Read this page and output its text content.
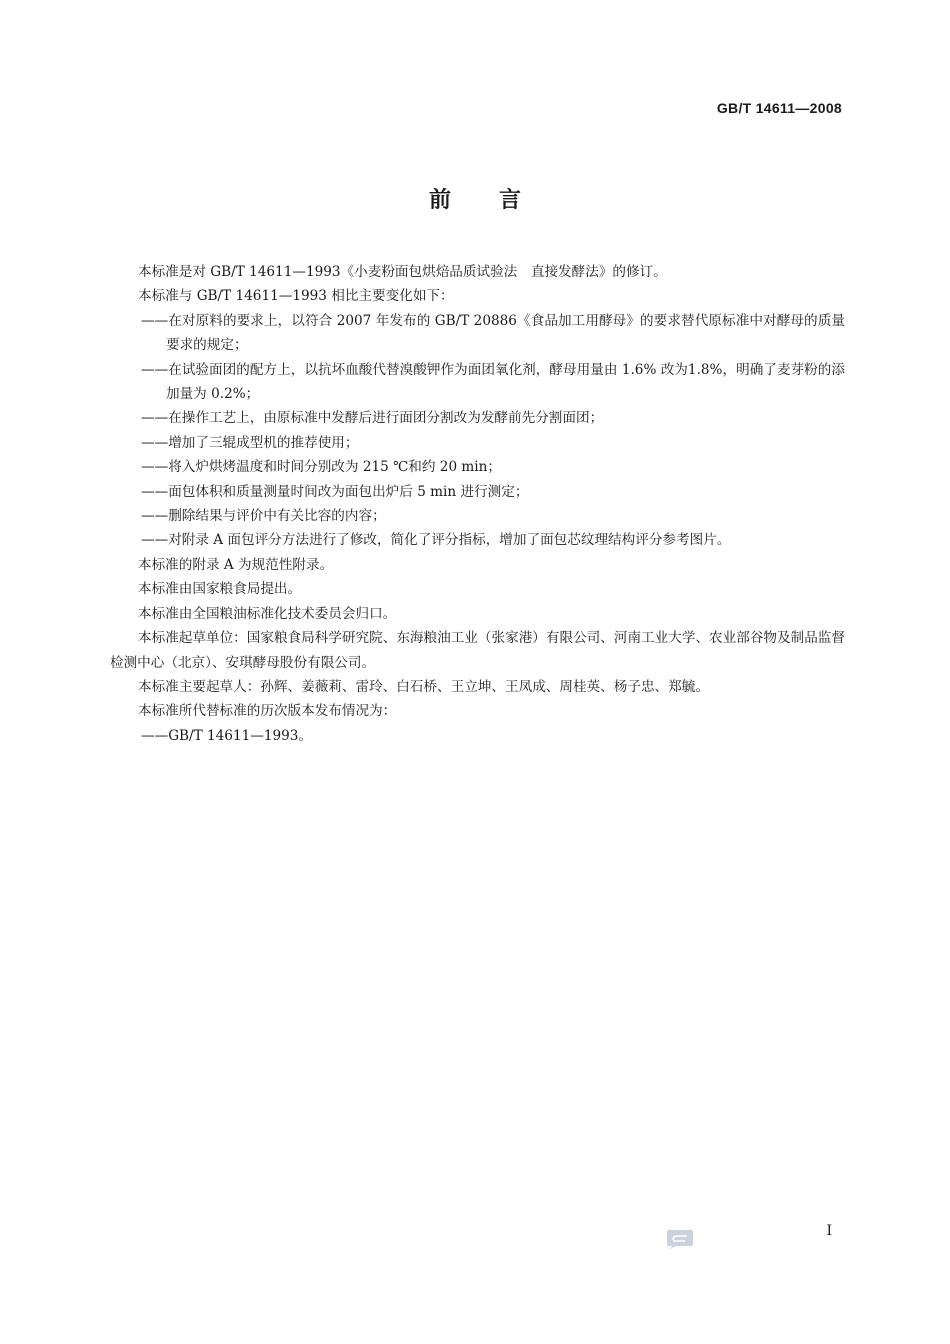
GB/T 14611—2008
前言

本标准是对 GB/T 14611—1993《小麦粉面包烘焙品质试验法　直接发酵法》的修订。

本标准与 GB/T 14611—1993 相比主要变化如下：

——在对原料的要求上，以符合 2007 年发布的 GB/T 20886《食品加工用酵母》的要求替代原标准中对酵母的质量要求的规定；

——在试验面团的配方上，以抗坏血酸代替溴酸钾作为面团氧化剂，酵母用量由 1.6% 改为1.8%，明确了麦芽粉的添加量为 0.2%；

——在操作工艺上，由原标准中发酵后进行面团分割改为发酵前先分割面团；

——增加了三辊成型机的推荐使用；

——将入炉烘烤温度和时间分别改为 215 ℃和约 20 min；

——面包体积和质量测量时间改为面包出炉后 5 min 进行测定；

——删除结果与评价中有关比容的内容；

——对附录 A 面包评分方法进行了修改，简化了评分指标，增加了面包芯纹理结构评分参考图片。

本标准的附录 A 为规范性附录。

本标准由国家粮食局提出。

本标准由全国粮油标准化技术委员会归口。

本标准起草单位：国家粮食局科学研究院、东海粮油工业（张家港）有限公司、河南工业大学、农业部谷物及制品监督检测中心（北京）、安琪酵母股份有限公司。

本标准主要起草人：孙辉、姜薇莉、雷玲、白石桥、王立坤、王凤成、周桂英、杨子忠、郑毓。

本标准所代替标准的历次版本发布情况为：

——GB/T 14611—1993。

I
